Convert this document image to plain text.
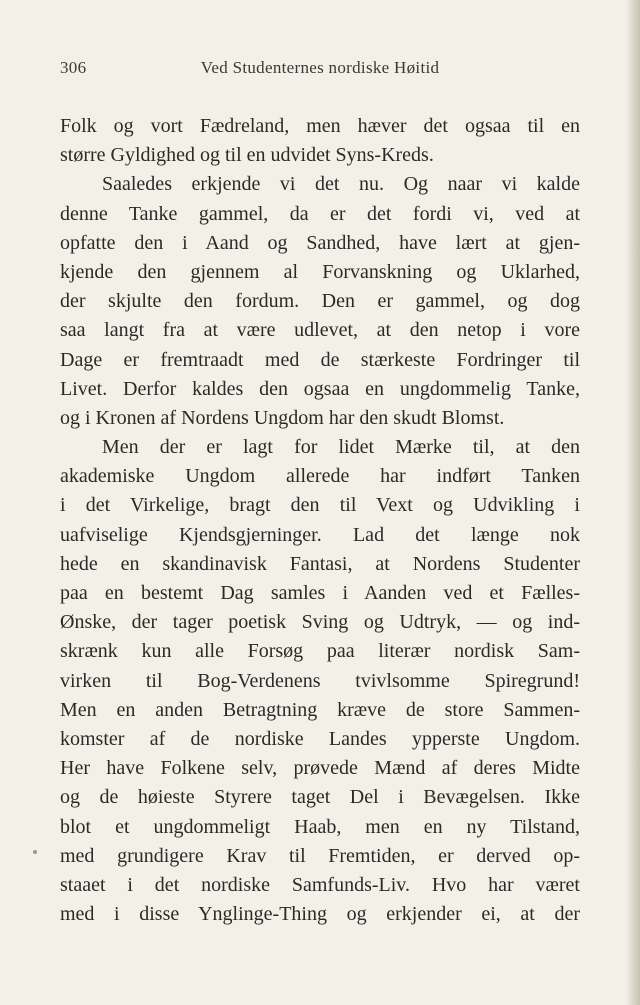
306	Ved Studenternes nordiske Høitid
Folk og vort Fædreland, men hæver det ogsaa til en
større Gyldighed og til en udvidet Syns-Kreds.
Saaledes erkjende vi det nu. Og naar vi kalde
denne Tanke gammel, da er det fordi vi, ved at
opfatte den i Aand og Sandhed, have lært at gjen-
kjende den gjennem al Forvanskning og Uklarhed,
der skjulte den fordum. Den er gammel, og dog
saa langt fra at være udlevet, at den netop i vore
Dage er fremtraadt med de stærkeste Fordringer til
Livet. Derfor kaldes den ogsaa en ungdommelig Tanke,
og i Kronen af Nordens Ungdom har den skudt Blomst.
Men der er lagt for lidet Mærke til, at den
akademiske Ungdom allerede har indført Tanken
i det Virkelige, bragt den til Vext og Udvikling i
uafviselige Kjendsgjerninger. Lad det længe nok
hede en skandinavisk Fantasi, at Nordens Studenter
paa en bestemt Dag samles i Aanden ved et Fælles-
Ønske, der tager poetisk Sving og Udtryk, — og ind-
skrænk kun alle Forsøg paa literær nordisk Sam-
virken til Bog-Verdenens tvivlsomme Spiregrund!
Men en anden Betragtning kræve de store Sammen-
komster af de nordiske Landes ypperste Ungdom.
Her have Folkene selv, prøvede Mænd af deres Midte
og de høieste Styrere taget Del i Bevægelsen. Ikke
blot et ungdommeligt Haab, men en ny Tilstand,
med grundigere Krav til Fremtiden, er derved op-
staaet i det nordiske Samfunds-Liv. Hvo har været
med i disse Ynglinge-Thing og erkjender ei, at der
